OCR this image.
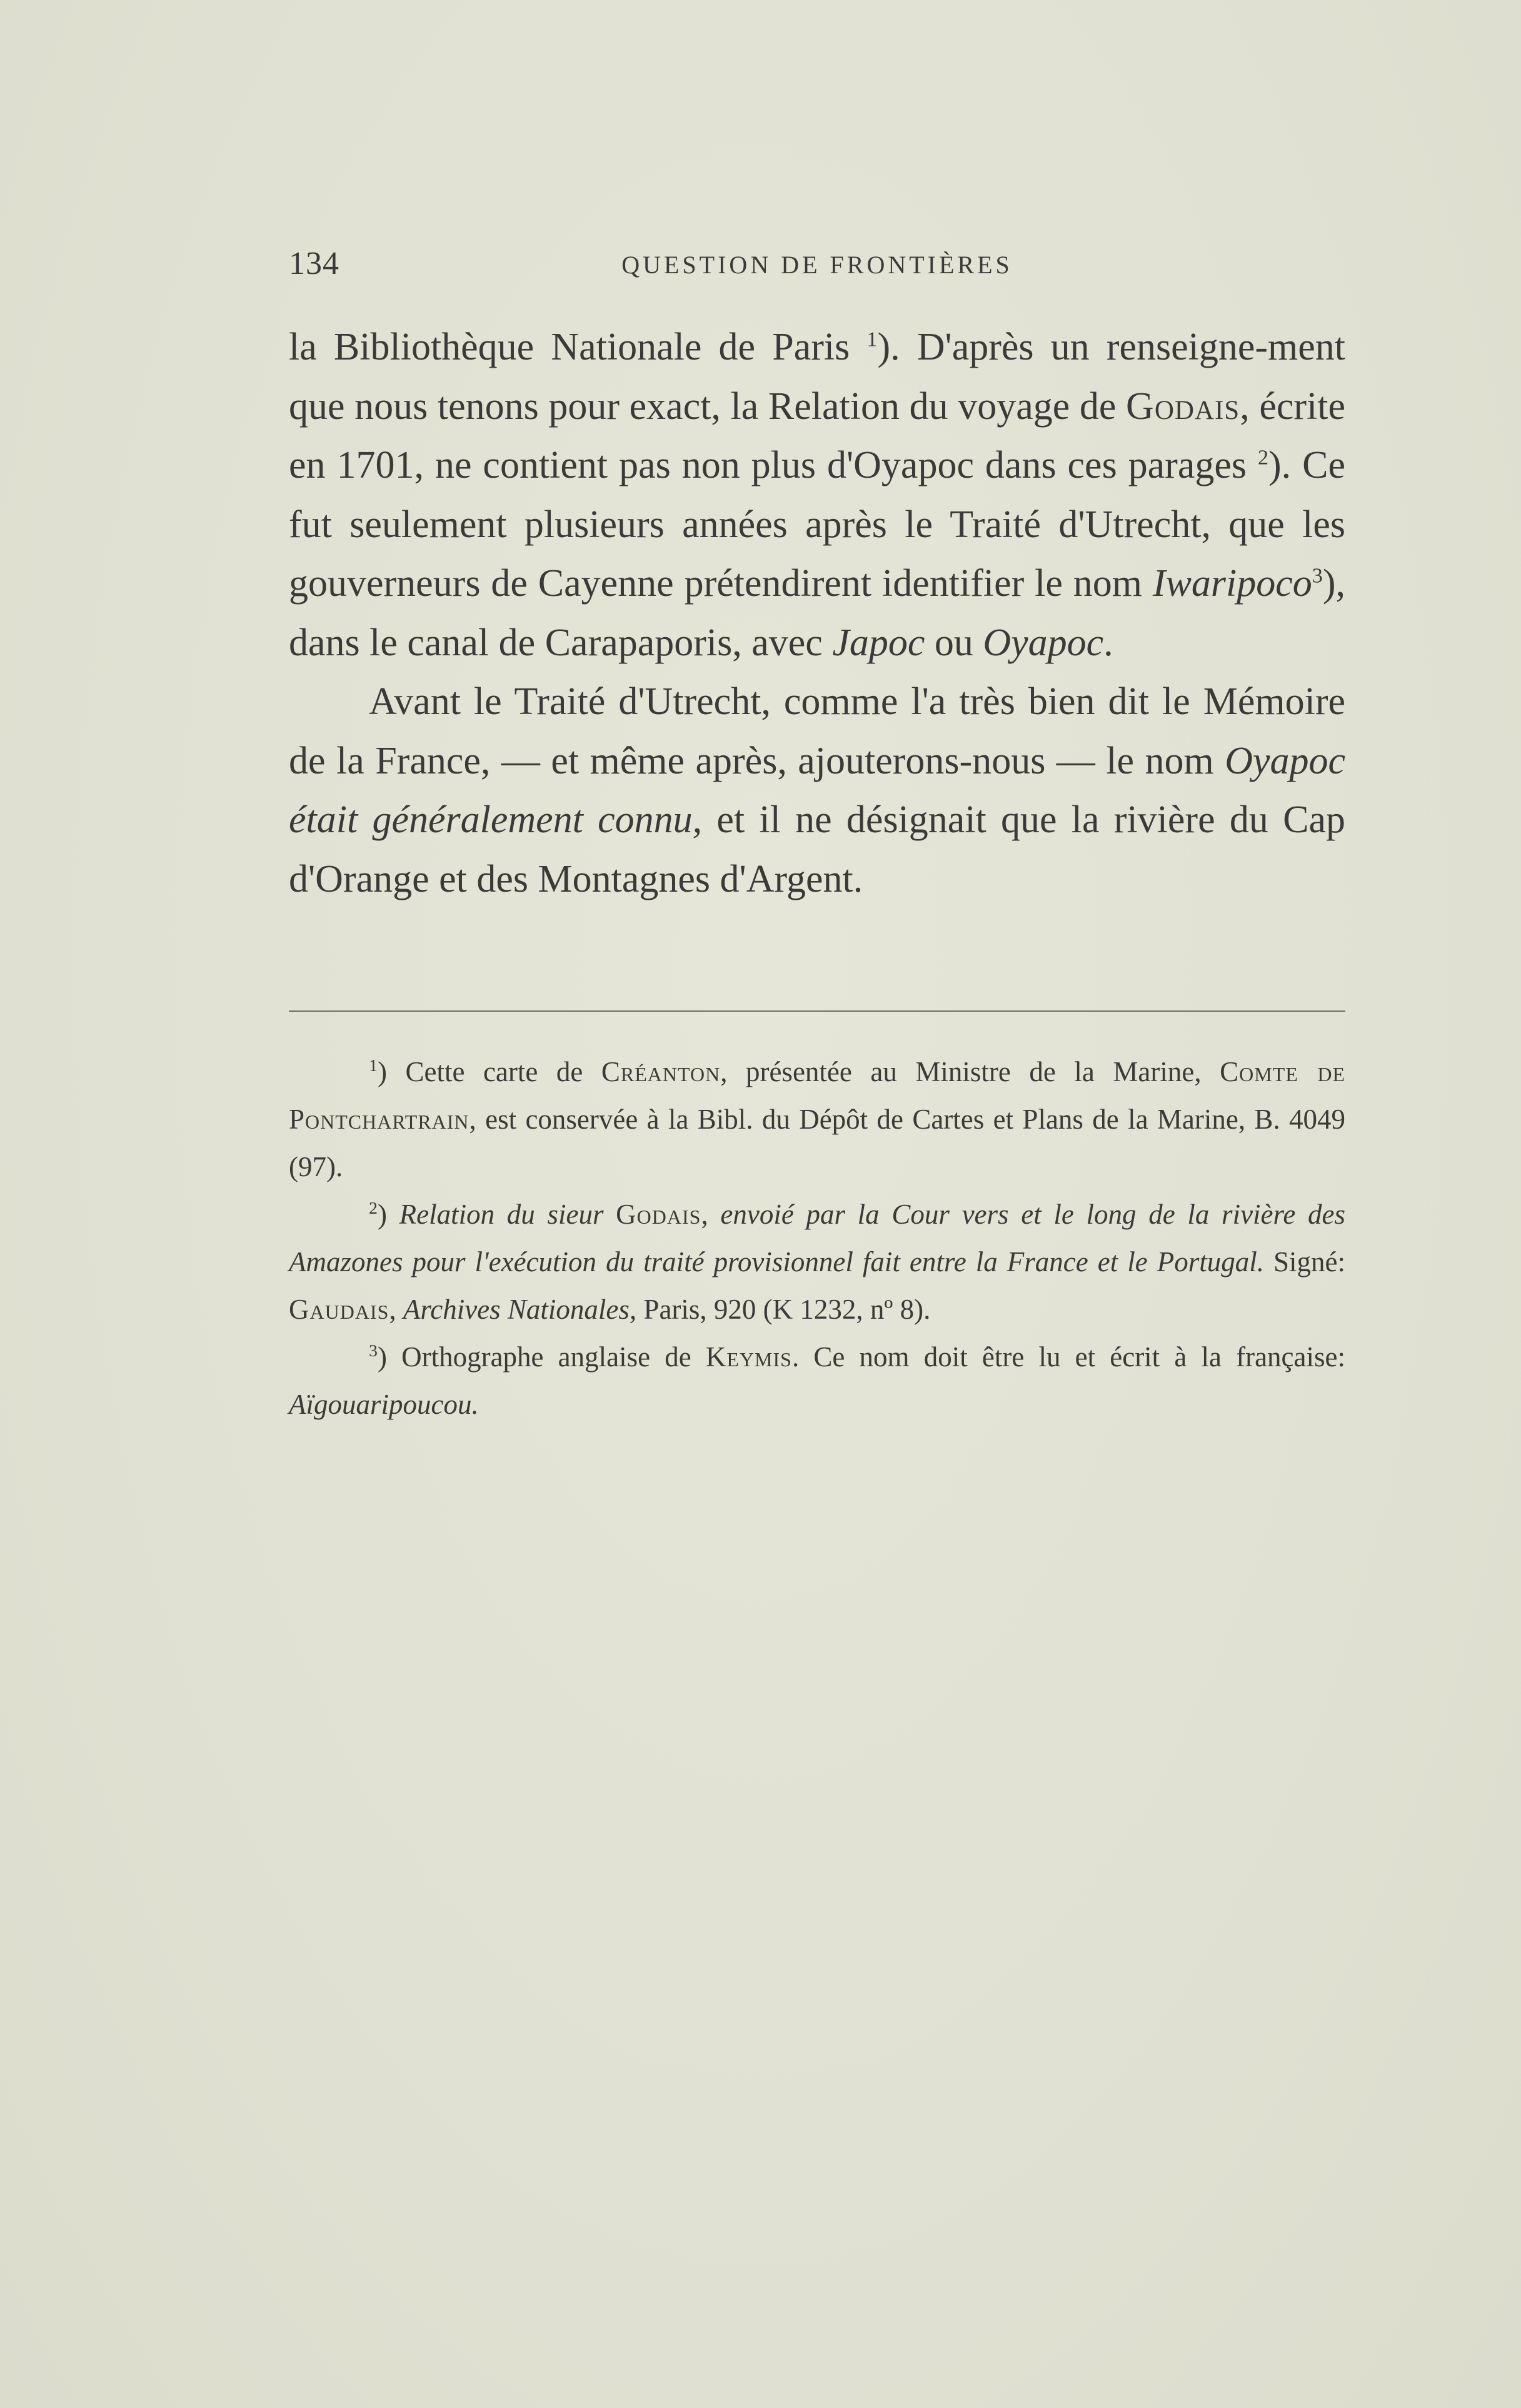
134	QUESTION DE FRONTIÈRES

la Bibliothèque Nationale de Paris $^1$). D'après un renseigne-ment que nous tenons pour exact, la Relation du voyage de Godais, écrite en 1701, ne contient pas non plus d'Oyapoc dans ces parages $^2$). Ce fut seulement plusieurs années après le Traité d'Utrecht, que les gouverneurs de Cayenne prétendirent identifier le nom Iwaripoco$^3$), dans le canal de Carapaporis, avec Japoc ou Oyapoc.

Avant le Traité d'Utrecht, comme l'a très bien dit le Mémoire de la France, — et même après, ajouterons-nous — le nom Oyapoc était généralement connu, et il ne désignait que la rivière du Cap d'Orange et des Montagnes d'Argent.

$^1$) Cette carte de Créanton, présentée au Ministre de la Marine, Comte de Pontchartrain, est conservée à la Bibl. du Dépôt de Cartes et Plans de la Marine, B. 4049 (97).

$^2$) Relation du sieur Godais, envoié par la Cour vers et le long de la rivière des Amazones pour l'exécution du traité provisionnel fait entre la France et le Portugal. Signé: Gaudais, Archives Nationales, Paris, 920 (K 1232, nº 8).

$^3$) Orthographe anglaise de Keymis. Ce nom doit être lu et écrit à la française: Aïgouaripoucou.
